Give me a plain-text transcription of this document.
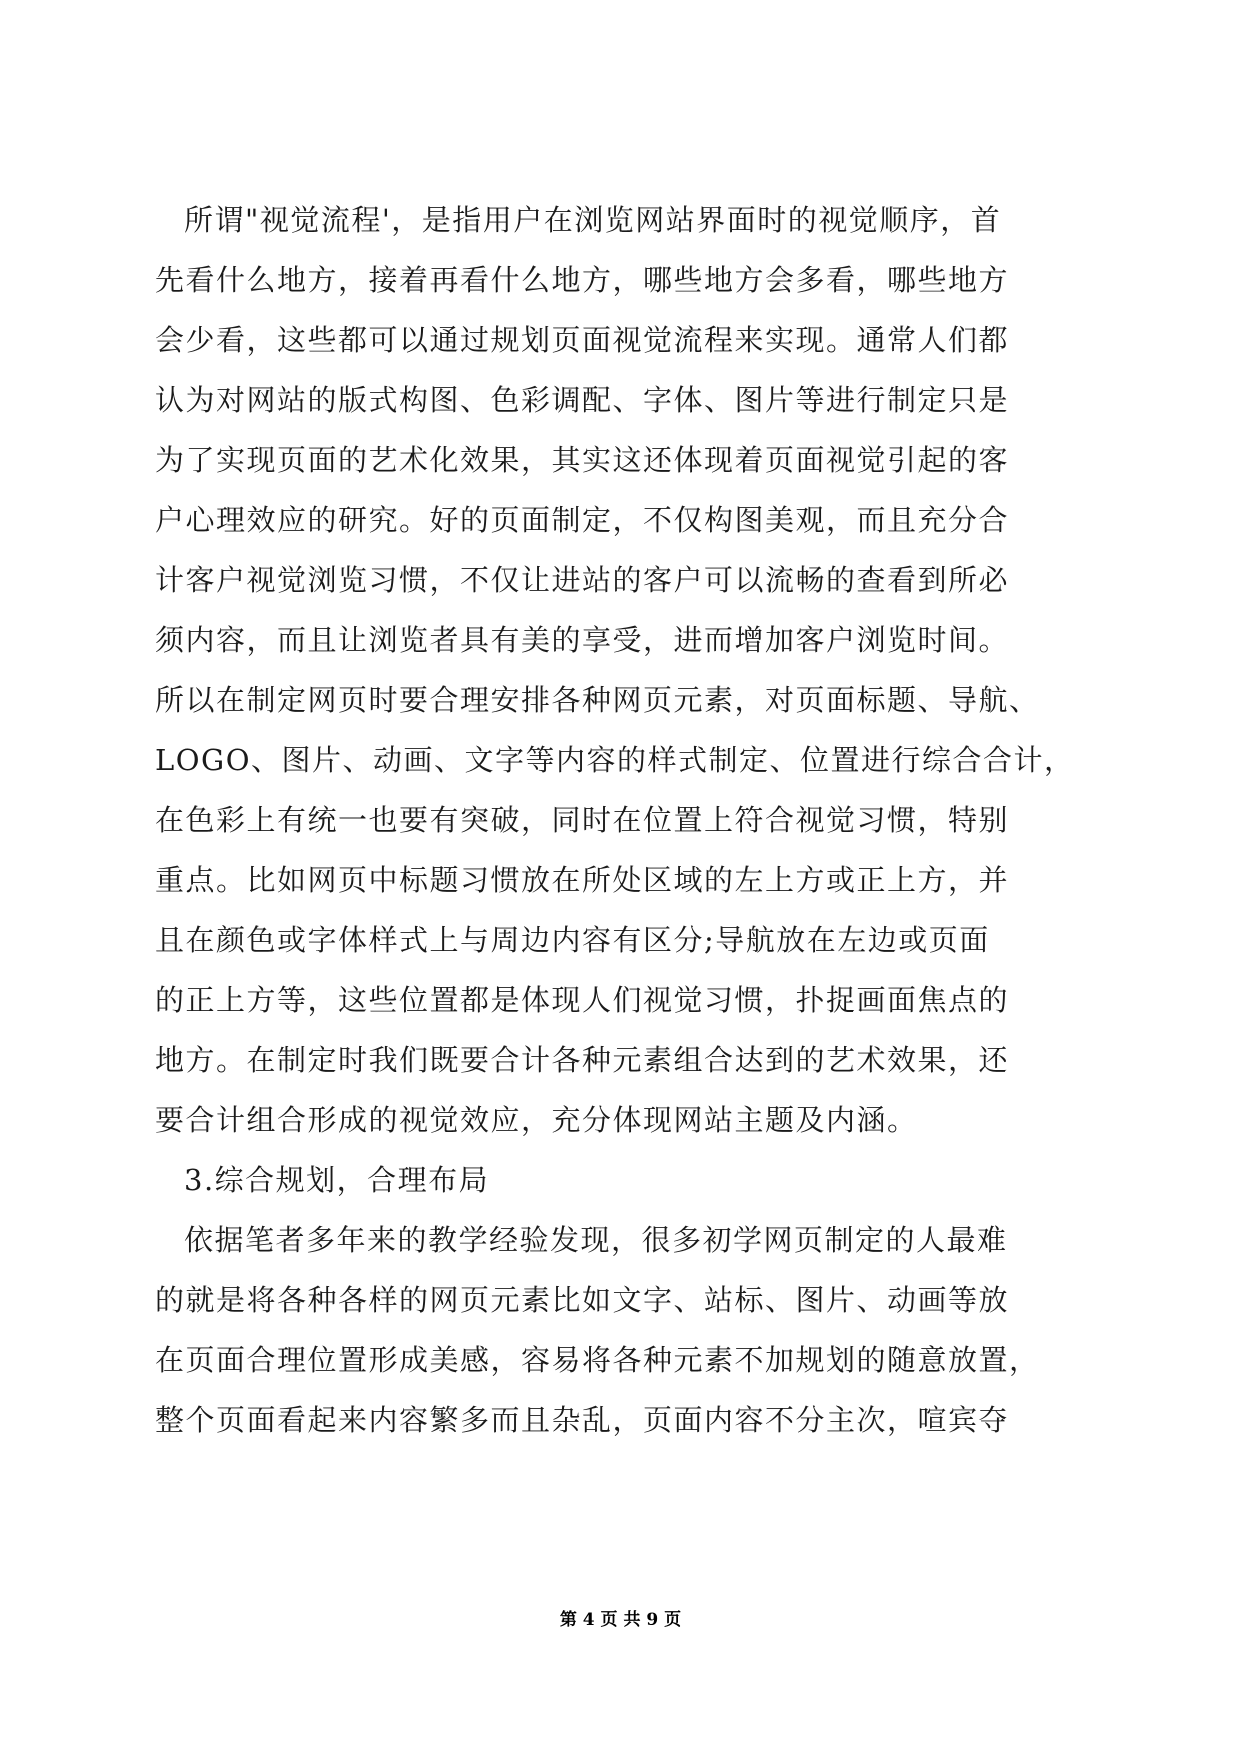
所谓"视觉流程'，是指用户在浏览网站界面时的视觉顺序，首
先看什么地方，接着再看什么地方，哪些地方会多看，哪些地方
会少看，这些都可以通过规划页面视觉流程来实现。通常人们都
认为对网站的版式构图、色彩调配、字体、图片等进行制定只是
为了实现页面的艺术化效果，其实这还体现着页面视觉引起的客
户心理效应的研究。好的页面制定，不仅构图美观，而且充分合
计客户视觉浏览习惯，不仅让进站的客户可以流畅的查看到所必
须内容，而且让浏览者具有美的享受，进而增加客户浏览时间。
所以在制定网页时要合理安排各种网页元素，对页面标题、导航、
LOGO、图片、动画、文字等内容的样式制定、位置进行综合合计，
在色彩上有统一也要有突破，同时在位置上符合视觉习惯，特别
重点。比如网页中标题习惯放在所处区域的左上方或正上方，并
且在颜色或字体样式上与周边内容有区分;导航放在左边或页面
的正上方等，这些位置都是体现人们视觉习惯，扑捉画面焦点的
地方。在制定时我们既要合计各种元素组合达到的艺术效果，还
要合计组合形成的视觉效应，充分体现网站主题及内涵。
3.综合规划，合理布局
依据笔者多年来的教学经验发现，很多初学网页制定的人最难
的就是将各种各样的网页元素比如文字、站标、图片、动画等放
在页面合理位置形成美感，容易将各种元素不加规划的随意放置，
整个页面看起来内容繁多而且杂乱，页面内容不分主次，喧宾夺
第 4 页 共 9 页
